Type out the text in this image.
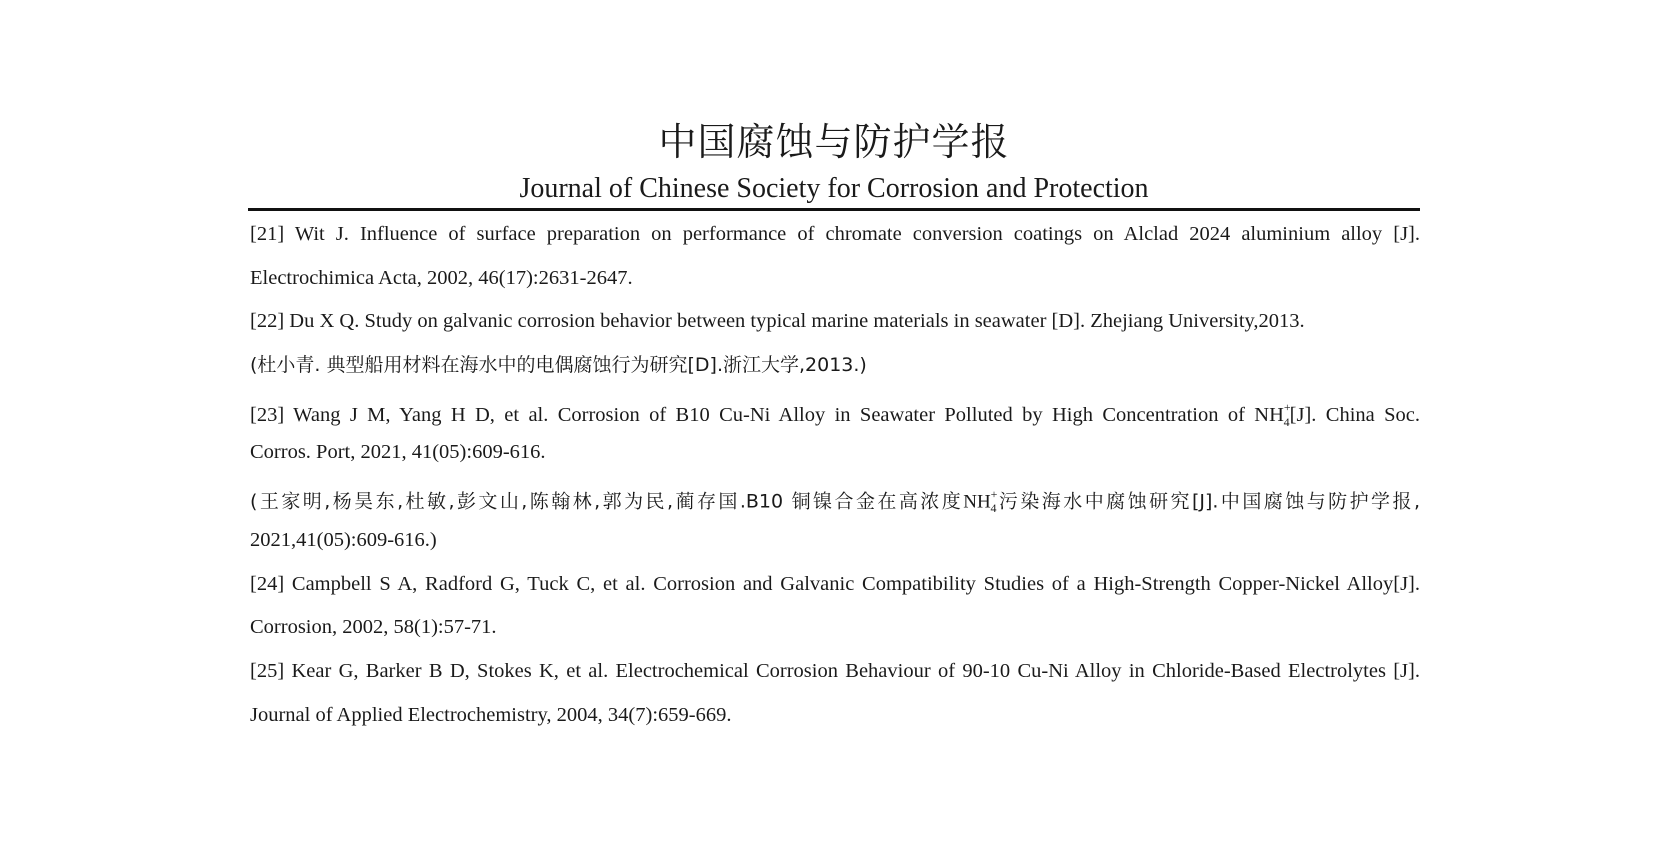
中国腐蚀与防护学报
Journal of Chinese Society for Corrosion and Protection
[21] Wit J. Influence of surface preparation on performance of chromate conversion coatings on Alclad 2024 aluminium alloy [J].
Electrochimica Acta, 2002, 46(17):2631-2647.
[22] Du X Q. Study on galvanic corrosion behavior between typical marine materials in seawater [D]. Zhejiang University,2013.
(杜小青. 典型船用材料在海水中的电偶腐蚀行为研究[D].浙江大学,2013.)
[23] Wang J M, Yang H D, et al. Corrosion of B10 Cu-Ni Alloy in Seawater Polluted by High Concentration of $NH^+_4[J]$. China Soc.
Corros. Port, 2021, 41(05):609-616.
(王家明,杨昊东,杜敏,彭文山,陈翰林,郭为民,蔺存国.B10 铜镍合金在高浓度$NH^+_4$污染海水中腐蚀研究[J].中国腐蚀与防护学报,
2021,41(05):609-616.)
[24] Campbell S A, Radford G, Tuck C, et al. Corrosion and Galvanic Compatibility Studies of a High-Strength Copper-Nickel Alloy[J].
Corrosion, 2002, 58(1):57-71.
[25] Kear G, Barker B D, Stokes K, et al. Electrochemical Corrosion Behaviour of 90-10 Cu-Ni Alloy in Chloride-Based Electrolytes [J].
Journal of Applied Electrochemistry, 2004, 34(7):659-669.
